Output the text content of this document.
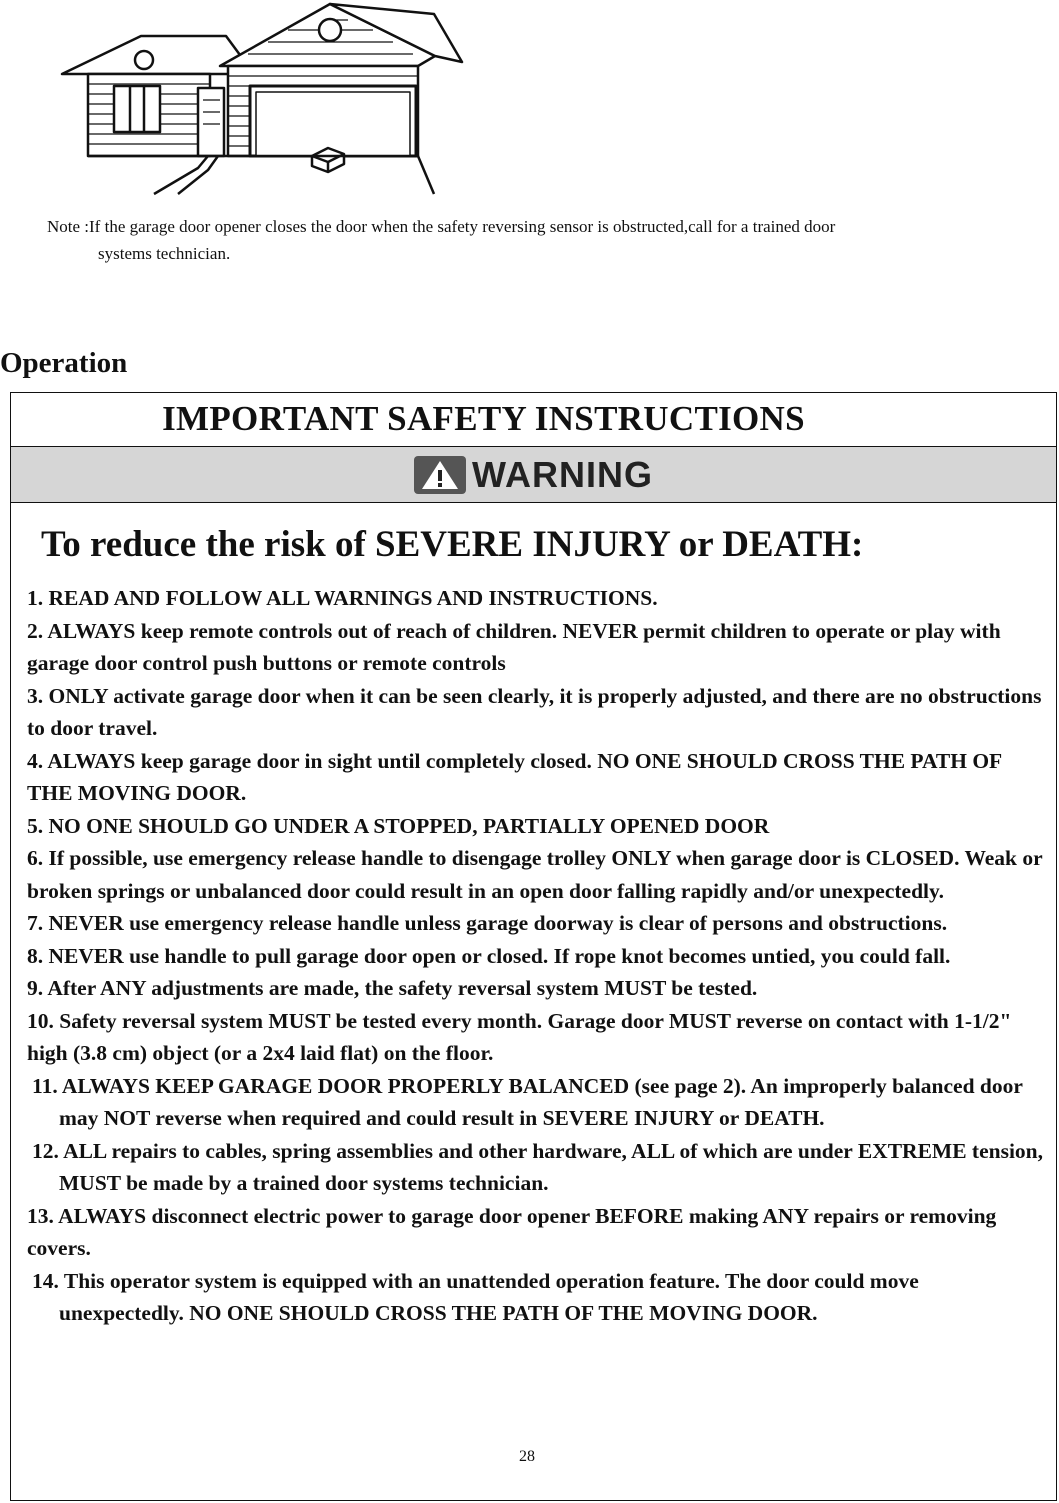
Note :If the garage door opener closes the door when the safety reversing sensor is obstructed,call for a trained door
systems technician.
Operation
IMPORTANT SAFETY INSTRUCTIONS
WARNING
To reduce the risk of SEVERE INJURY or DEATH:
1. READ AND FOLLOW ALL WARNINGS AND INSTRUCTIONS.
2. ALWAYS keep remote controls out of reach of children. NEVER permit children to operate or play with garage door control push buttons or remote controls
3. ONLY activate garage door when it can be seen clearly, it is properly adjusted, and there are no obstructions to door travel.
4. ALWAYS keep garage door in sight until completely closed. NO ONE SHOULD CROSS THE PATH OF THE MOVING DOOR.
5. NO ONE SHOULD GO UNDER A STOPPED, PARTIALLY OPENED DOOR
6. If possible, use emergency release handle to disengage trolley ONLY when garage door is CLOSED. Weak or broken springs or unbalanced door could result in an open door falling rapidly and/or unexpectedly.
7. NEVER use emergency release handle unless garage doorway is clear of persons and obstructions.
8. NEVER use handle to pull garage door open or closed. If rope knot becomes untied, you could fall.
9. After ANY adjustments are made, the safety reversal system MUST be tested.
10. Safety reversal system MUST be tested every month. Garage door MUST reverse on contact with 1-1/2" high (3.8 cm) object (or a 2x4 laid flat) on the floor.
11. ALWAYS KEEP GARAGE DOOR PROPERLY BALANCED (see page 2). An improperly balanced door may NOT reverse when required and could result in SEVERE INJURY or DEATH.
12. ALL repairs to cables, spring assemblies and other hardware, ALL of which are under EXTREME tension, MUST be made by a trained door systems technician.
13. ALWAYS disconnect electric power to garage door opener BEFORE making ANY repairs or removing covers.
14. This operator system is equipped with an unattended operation feature. The door could move unexpectedly. NO ONE SHOULD CROSS THE PATH OF THE MOVING DOOR.
28
